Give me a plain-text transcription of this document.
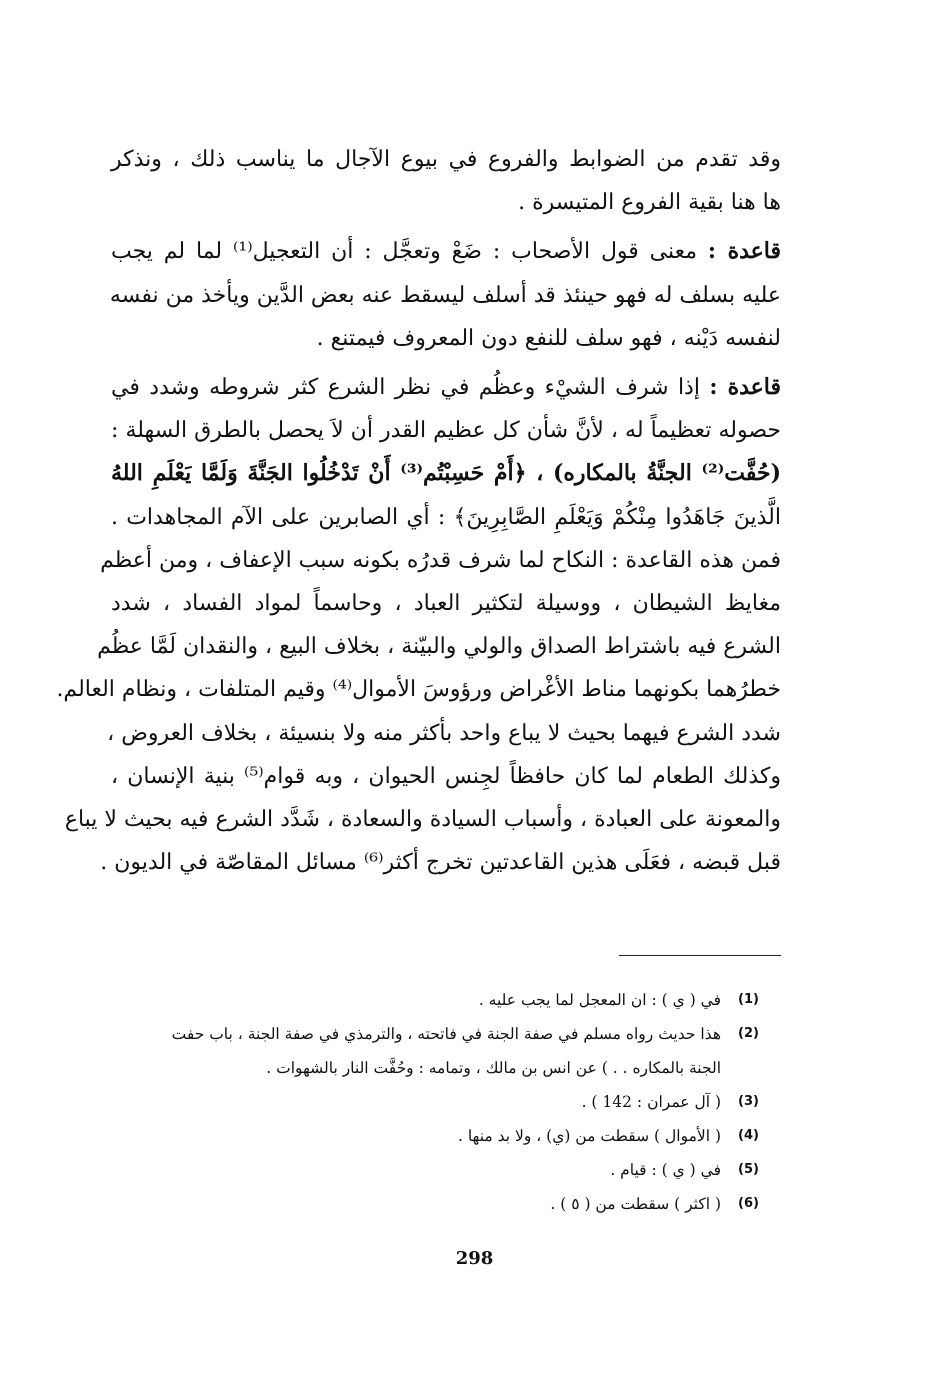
وقد تقدم من الضوابط والفروع في بيوع الآجال ما يناسب ذلك ، ونذكر
ها هنا بقية الفروع المتيسرة .
قاعدة : معنى قول الأصحاب : ضَعْ وتعجَّل : أن التعجيل⁽¹⁾ لما لم يجب
عليه بسلف له فهو حينئذ قد أسلف ليسقط عنه بعض الدَّين ويأخذ من نفسه
لنفسه دَيْنه ، فهو سلف للنفع دون المعروف فيمتنع .
قاعدة : إذا شرف الشيْء وعظُم في نظر الشرع كثر شروطه وشدد في
حصوله تعظيماً له ، لأنَّ شأن كل عظيم القدر أن لاَ يحصل بالطرق السهلة :
(حُفَّت⁽²⁾ الجنَّةُ بالمكاره) ، ﴿أَمْ حَسِبْتُم⁽³⁾ أَنْ تَدْخُلُوا الجَنَّةَ وَلَمَّا يَعْلَمِ اللهُ
الَّذينَ جَاهَدُوا مِنْكُمْ وَيَعْلَمِ الصَّابِرِينَ﴾ : أي الصابرين على الآم المجاهدات .
فمن هذه القاعدة : النكاح لما شرف قدرُه بكونه سبب الإعفاف ، ومن أعظم
مغايظ الشيطان ، ووسيلة لتكثير العباد ، وحاسماً لمواد الفساد ، شدد
الشرع فيه باشتراط الصداق والولي والبيّنة ، بخلاف البيع ، والنقدان لَمَّا عظُم
خطرُهما بكونهما مناط الأغْراض ورؤوسَ الأموال⁽⁴⁾ وقيم المتلفات ، ونظام العالم.
شدد الشرع فيهما بحيث لا يباع واحد بأكثر منه ولا بنسيئة ، بخلاف العروض ،
وكذلك الطعام لما كان حافظاً لجِنس الحيوان ، وبه قوام⁽⁵⁾ بنية الإنسان ،
والمعونة على العبادة ، وأسباب السيادة والسعادة ، شَدَّد الشرع فيه بحيث لا يباع
قبل قبضه ، فعَلَى هذين القاعدتين تخرج أكثر⁽⁶⁾ مسائل المقاصّة في الديون .
(1)
في ( ي ) : ان المعجل لما يجب عليه .
(2)
هذا حديث رواه مسلم في صفة الجنة في فاتحته ، والترمذي في صفة الجنة ، باب حفت
الجنة بالمكاره . . ) عن انس بن مالك ، وتمامه : وحُفَّت النار بالشهوات .
(3)
( آل عمران : 142 ) .
(4)
( الأموال ) سقطت من (ي) ، ولا بد منها .
(5)
في ( ي ) : قيام .
(6)
( اكثر ) سقطت من ( ٥ ) .
298
